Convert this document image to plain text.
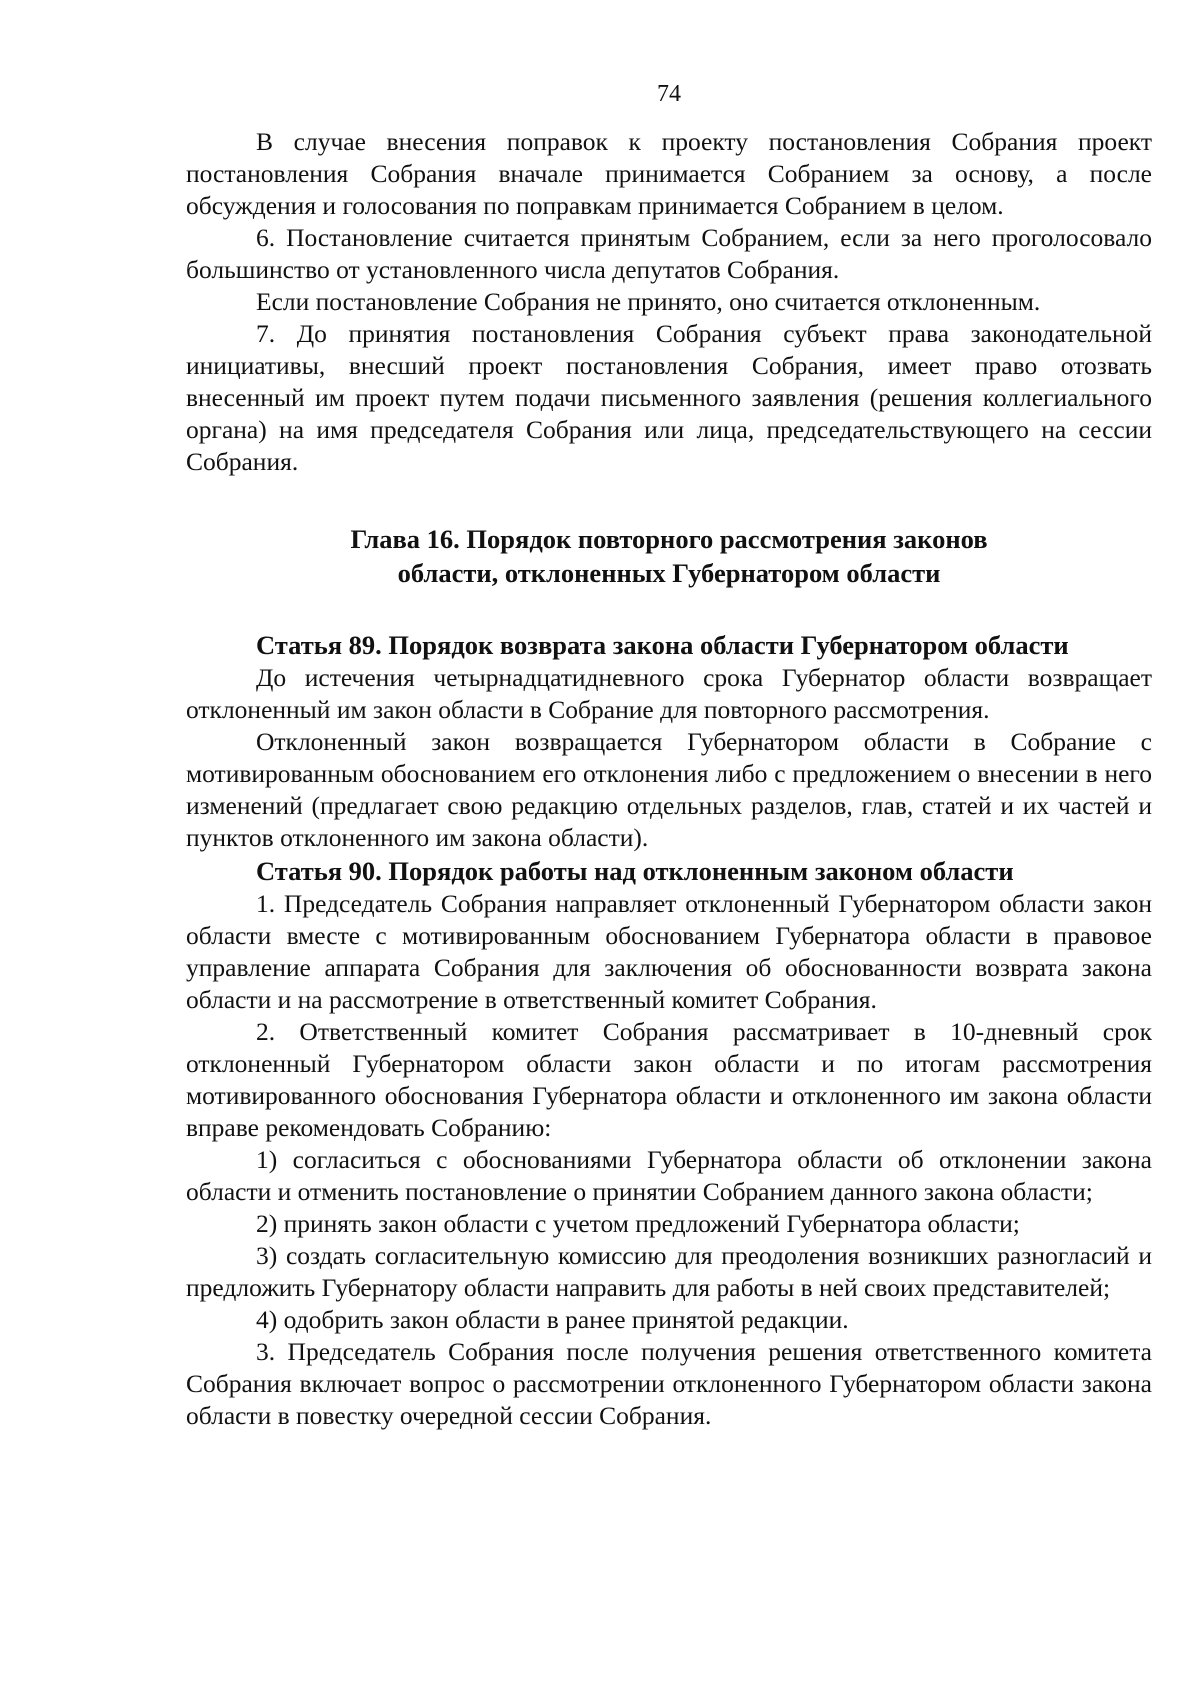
74

В случае внесения поправок к проекту постановления Собрания проект постановления Собрания вначале принимается Собранием за основу, а после обсуждения и голосования по поправкам принимается Собранием в целом.

6. Постановление считается принятым Собранием, если за него проголосовало большинство от установленного числа депутатов Собрания.

Если постановление Собрания не принято, оно считается отклоненным.

7. До принятия постановления Собрания субъект права законодательной инициативы, внесший проект постановления Собрания, имеет право отозвать внесенный им проект путем подачи письменного заявления (решения коллегиального органа) на имя председателя Собрания или лица, председательствующего на сессии Собрания.

Глава 16. Порядок повторного рассмотрения законов
области, отклоненных Губернатором области
Статья 89. Порядок возврата закона области Губернатором области

До истечения четырнадцатидневного срока Губернатор области возвращает отклоненный им закон области в Собрание для повторного рассмотрения.

Отклоненный закон возвращается Губернатором области в Собрание с мотивированным обоснованием его отклонения либо с предложением о внесении в него изменений (предлагает свою редакцию отдельных разделов, глав, статей и их частей и пунктов отклоненного им закона области).

Статья 90. Порядок работы над отклоненным законом области

1. Председатель Собрания направляет отклоненный Губернатором области закон области вместе с мотивированным обоснованием Губернатора области в правовое управление аппарата Собрания для заключения об обоснованности возврата закона области и на рассмотрение в ответственный комитет Собрания.

2. Ответственный комитет Собрания рассматривает в 10-дневный срок отклоненный Губернатором области закон области и по итогам рассмотрения мотивированного обоснования Губернатора области и отклоненного им закона области вправе рекомендовать Собранию:

1) согласиться с обоснованиями Губернатора области об отклонении закона области и отменить постановление о принятии Собранием данного закона области;

2) принять закон области с учетом предложений Губернатора области;

3) создать согласительную комиссию для преодоления возникших разногласий и предложить Губернатору области направить для работы в ней своих представителей;

4) одобрить закон области в ранее принятой редакции.

3. Председатель Собрания после получения решения ответственного комитета Собрания включает вопрос о рассмотрении отклоненного Губернатором области закона области в повестку очередной сессии Собрания.
